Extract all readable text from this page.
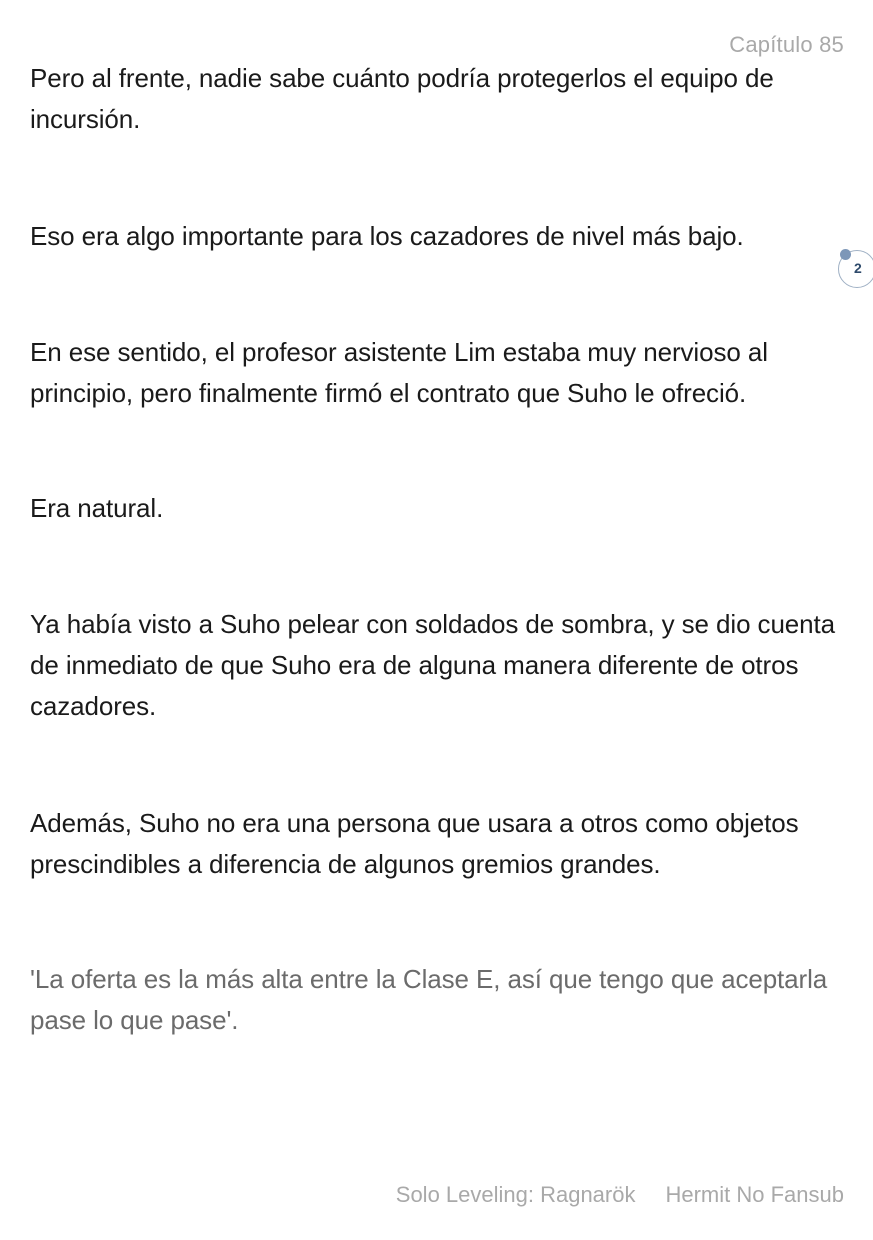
Capítulo 85

Pero al frente, nadie sabe cuánto podría protegerlos el equipo de incursión.

Eso era algo importante para los cazadores de nivel más bajo.

En ese sentido, el profesor asistente Lim estaba muy nervioso al principio, pero finalmente firmó el contrato que Suho le ofreció.

Era natural.

Ya había visto a Suho pelear con soldados de sombra, y se dio cuenta de inmediato de que Suho era de alguna manera diferente de otros cazadores.

Además, Suho no era una persona que usara a otros como objetos prescindibles a diferencia de algunos gremios grandes.

'La oferta es la más alta entre la Clase E, así que tengo que aceptarla pase lo que pase'.

2
Solo Leveling: Ragnarök Hermit No Fansub
